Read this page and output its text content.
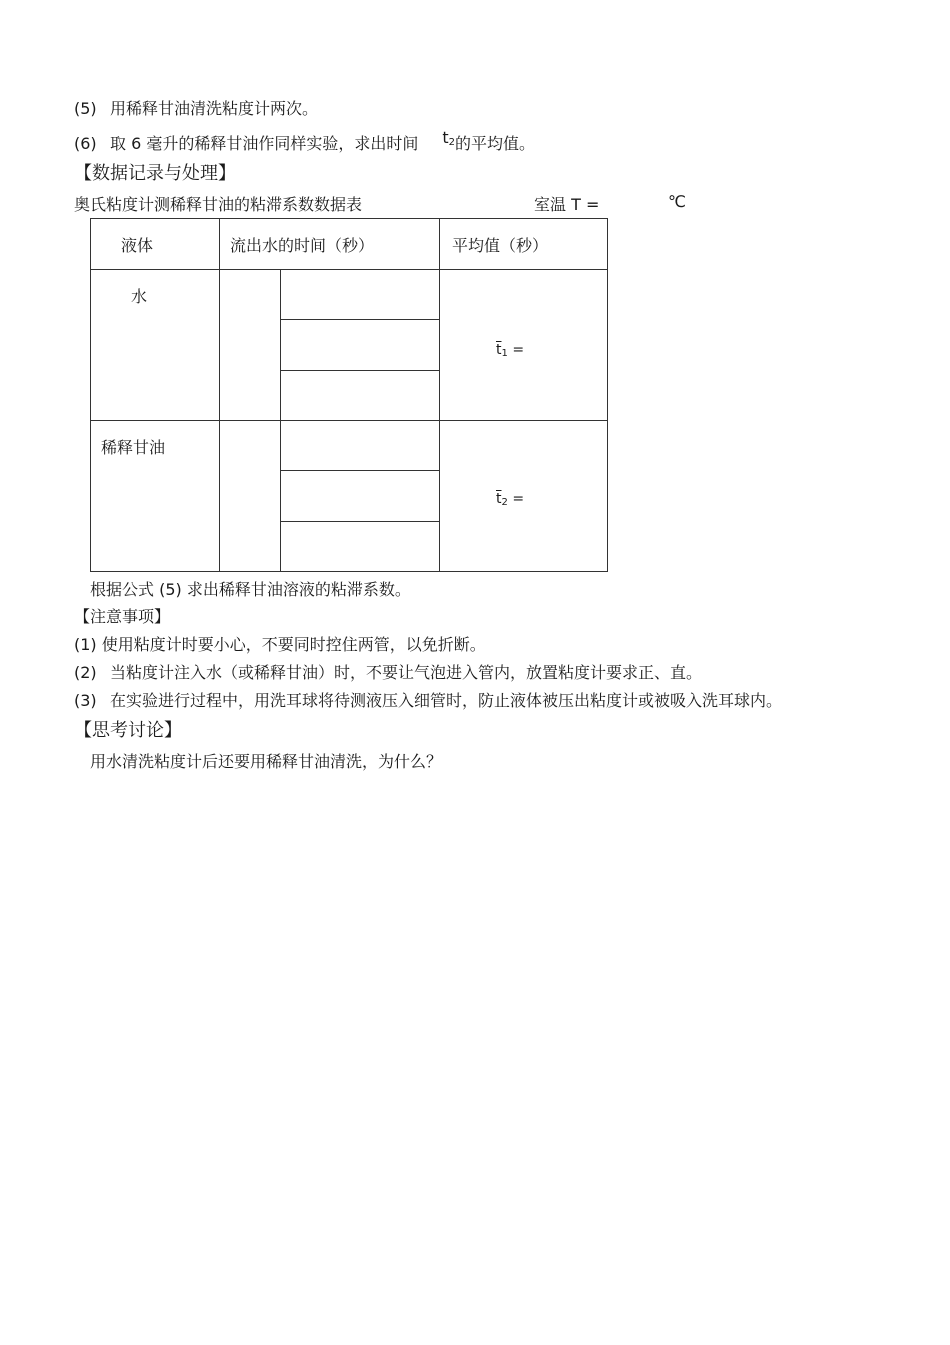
(5) 用稀释甘油清洗粘度计两次。
(6) 取 6 毫升的稀释甘油作同样实验，求出时间 t2的平均值。
【数据记录与处理】
奥氏粘度计测稀释甘油的粘滞系数数据表	室温 T =	℃
液体	流出水的时间（秒）		平均值（秒）

水			$\overline{t}1$ =

稀释甘油			$\overline{t}2$ =

根据公式 (5) 求出稀释甘油溶液的粘滞系数。
【注意事项】
(1) 使用粘度计时要小心，不要同时控住两管，以免折断。
(2) 当粘度计注入水（或稀释甘油）时，不要让气泡进入管内，放置粘度计要求正、直。
(3) 在实验进行过程中，用洗耳球将待测液压入细管时，防止液体被压出粘度计或被吸入洗耳球内。
【思考讨论】
用水清洗粘度计后还要用稀释甘油清洗，为什么？
